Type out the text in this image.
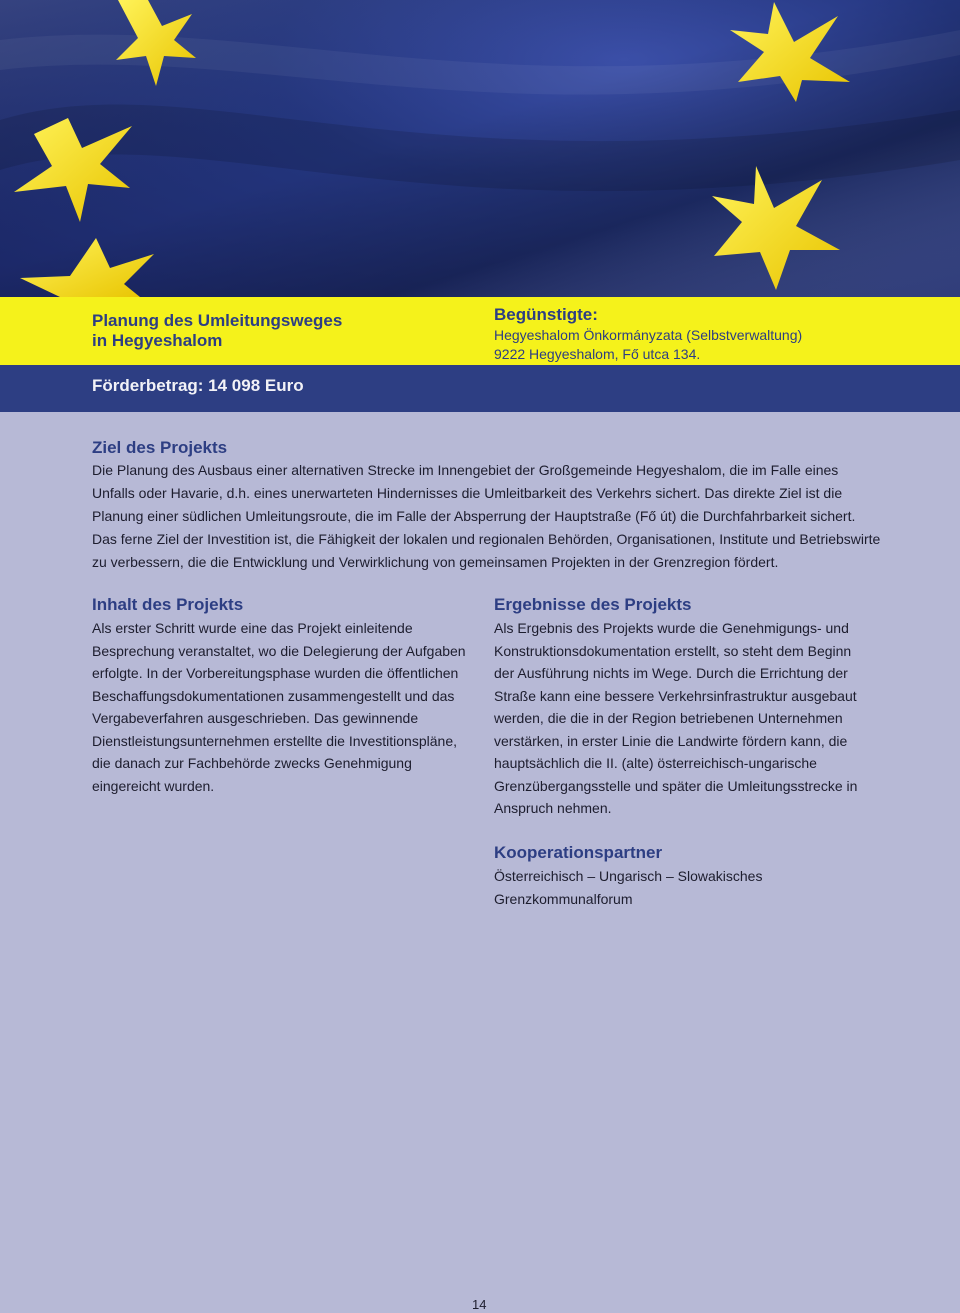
Planung des Umleitungsweges
in Hegyeshalom
Begünstigte:
Hegyeshalom Önkormányzata (Selbstverwaltung)
9222 Hegyeshalom, Fő utca 134.
Förderbetrag: 14 098 Euro
Ziel des Projekts

Die Planung des Ausbaus einer alternativen Strecke im Innengebiet der Großgemeinde Hegyeshalom, die im Falle eines Unfalls oder Havarie, d.h. eines unerwarteten Hindernisses die Umleitbarkeit des Verkehrs sichert. Das direkte Ziel ist die Planung einer südlichen Umleitungsroute, die im Falle der Absperrung der Hauptstraße (Fő út) die Durchfahrbarkeit sichert. Das ferne Ziel der Investition ist, die Fähigkeit der lokalen und regionalen Behörden, Organisationen, Institute und Betriebswirte zu verbessern, die die Entwicklung und Verwirklichung von gemeinsamen Projekten in der Grenzregion fördert.

Inhalt des Projekts

Als erster Schritt wurde eine das Projekt einleitende Besprechung veranstaltet, wo die Delegierung der Aufgaben erfolgte. In der Vorbereitungsphase wurden die öffentlichen Beschaffungsdokumentationen zusammengestellt und das Vergabeverfahren ausgeschrieben. Das gewinnende Dienstleistungsunternehmen erstellte die Investitionspläne, die danach zur Fachbehörde zwecks Genehmigung eingereicht wurden.

Ergebnisse des Projekts

Als Ergebnis des Projekts wurde die Genehmigungs- und Konstruktionsdokumentation erstellt, so steht dem Beginn der Ausführung nichts im Wege. Durch die Errichtung der Straße kann eine bessere Verkehrsinfrastruktur ausgebaut werden, die die in der Region betriebenen Unternehmen verstärken, in erster Linie die Landwirte fördern kann, die hauptsächlich die II. (alte) österreichisch-ungarische Grenzübergangsstelle und später die Umleitungsstrecke in Anspruch nehmen.

Kooperationspartner

Österreichisch – Ungarisch – Slowakisches

Grenzkommunalforum

14
